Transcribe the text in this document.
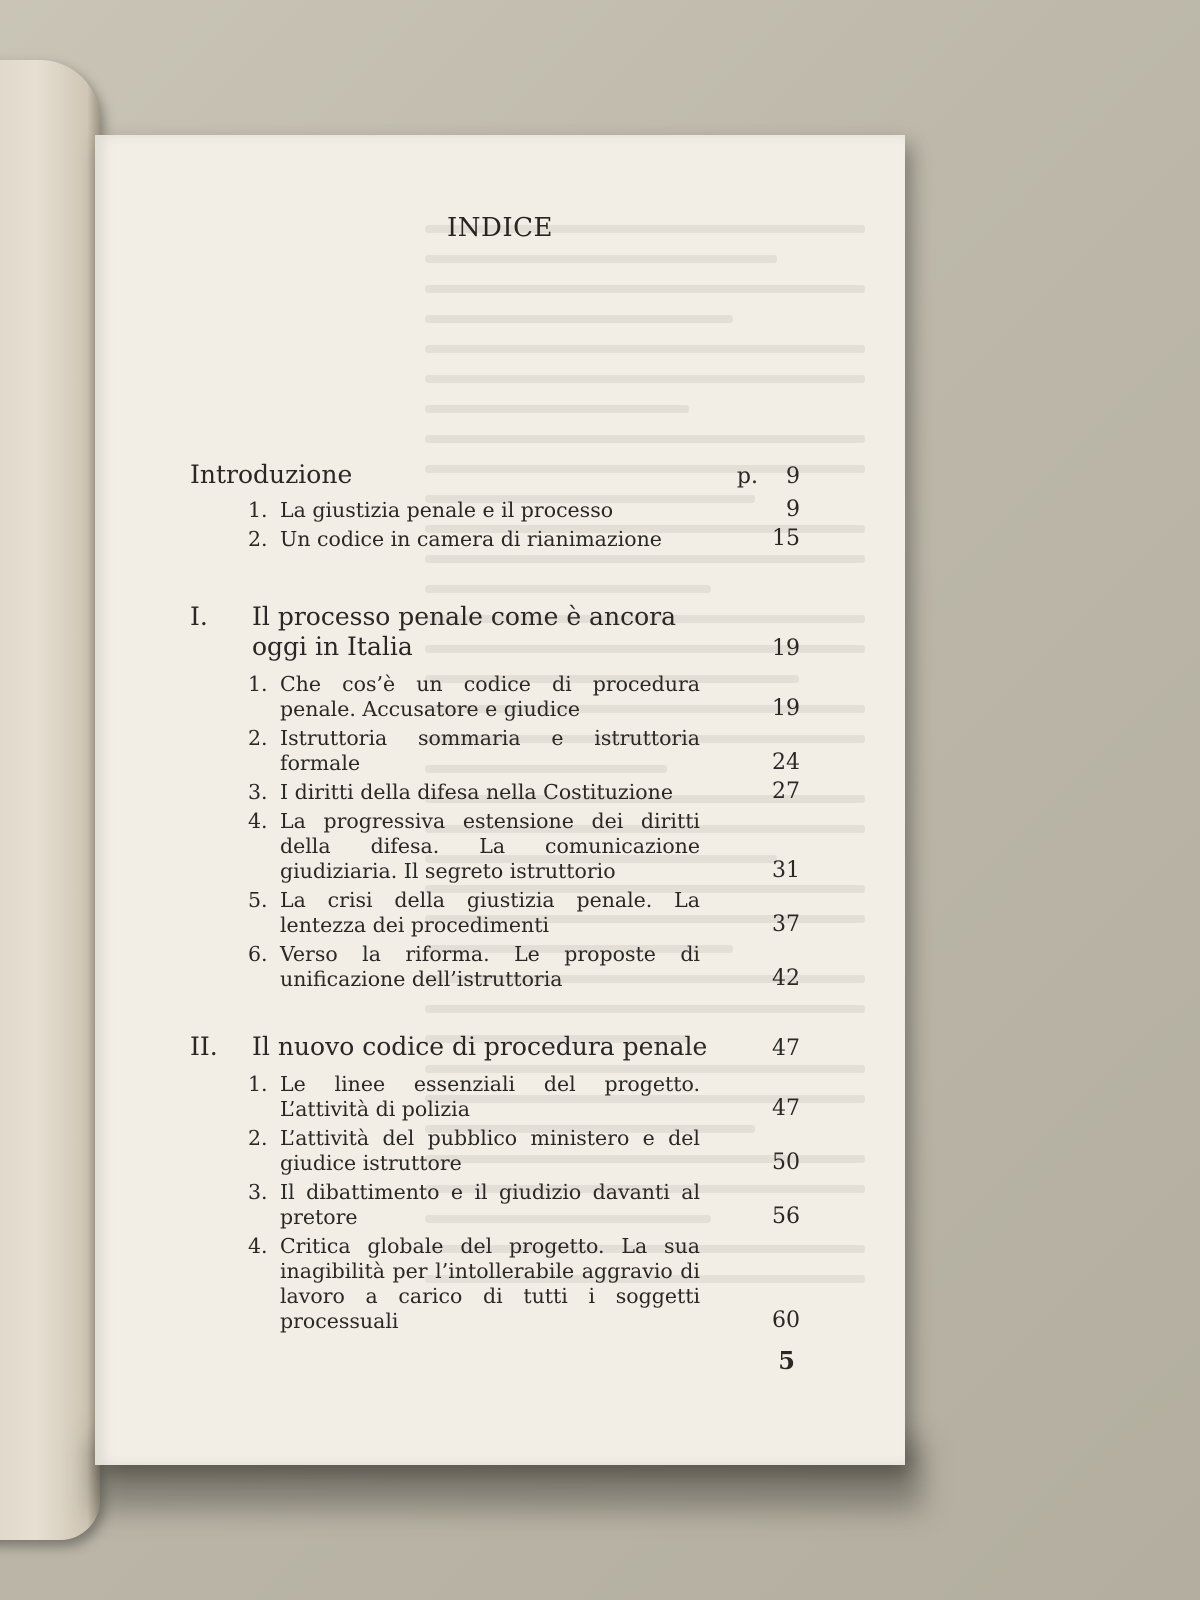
INDICE
Introduzione	p. 9
1. La giustizia penale e il processo	9
2. Un codice in camera di rianimazione	15
I.	Il processo penale come è ancora oggi in Italia	19
1. Che cos’è un codice di procedura penale. Accusatore e giudice	19
2. Istruttoria sommaria e istruttoria formale	24
3. I diritti della difesa nella Costituzione	27
4. La progressiva estensione dei diritti della difesa. La comunicazione giudiziaria. Il segreto istruttorio	31
5. La crisi della giustizia penale. La lentezza dei procedimenti	37
6. Verso la riforma. Le proposte di unificazione dell’istruttoria	42
II.	Il nuovo codice di procedura penale	47
1. Le linee essenziali del progetto. L’attività di polizia	47
2. L’attività del pubblico ministero e del giudice istruttore	50
3. Il dibattimento e il giudizio davanti al pretore	56
4. Critica globale del progetto. La sua inagibilità per l’intollerabile aggravio di lavoro a carico di tutti i soggetti processuali	60
5
